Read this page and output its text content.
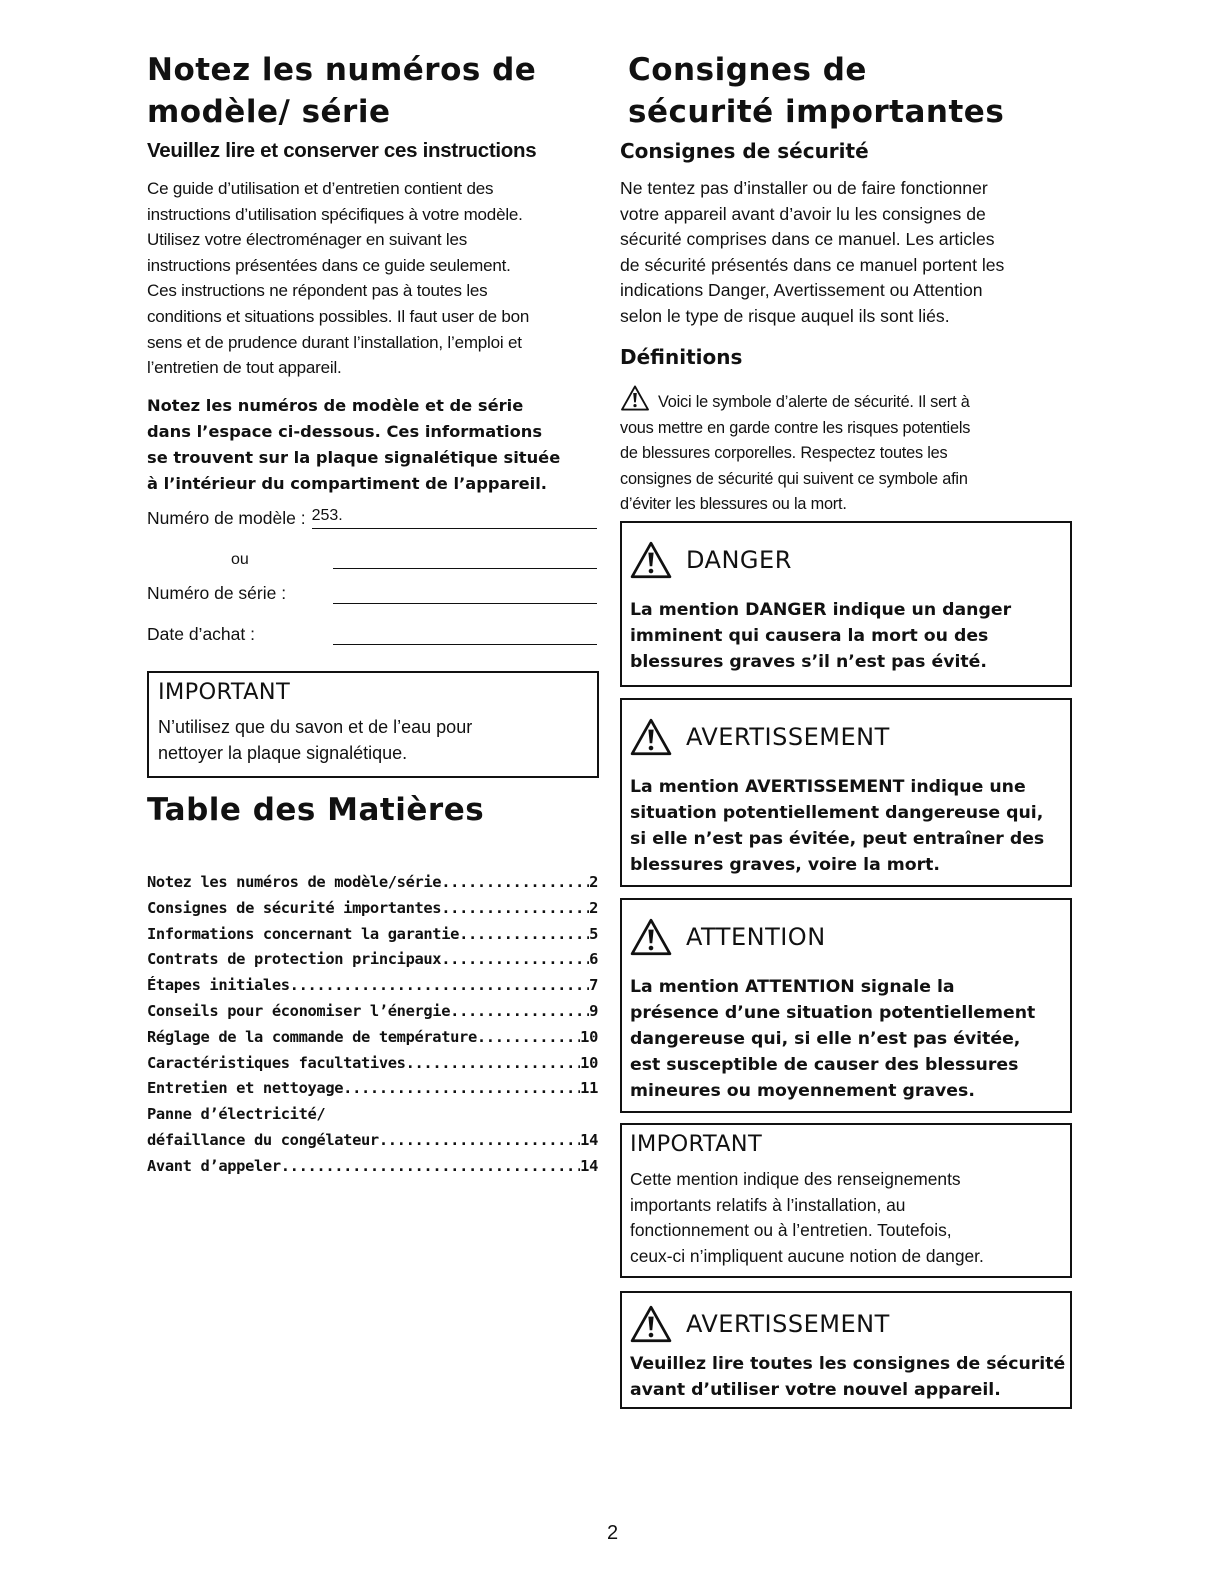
Notez les numéros de
modèle/ série
Veuillez lire et conserver ces instructions

Ce guide d’utilisation et d’entretien contient des

instructions d’utilisation spécifiques à votre modèle.

Utilisez votre électroménager en suivant les

instructions présentées dans ce guide seulement.

Ces instructions ne répondent pas à toutes les

conditions et situations possibles. Il faut user de bon

sens et de prudence durant l’installation, l’emploi et

l’entretien de tout appareil.

Notez les numéros de modèle et de série

dans l’espace ci-dessous. Ces informations

se trouvent sur la plaque signalétique située

à l’intérieur du compartiment de l’appareil.

Numéro de modèle : 253.
ou
Numéro de série :
Date d’achat :
IMPORTANT

N’utilisez que du savon et de l’eau pour

nettoyer la plaque signalétique.

Table des Matières
Notez les numéros de modèle/série .....	2
Consignes de sécurité importantes .....	2
Informations concernant la garantie .....	5
Contrats de protection principaux .....	6
Étapes initiales .....	7
Conseils pour économiser l’énergie .....	9
Réglage de la commande de température .....	10
Caractéristiques facultatives .....	10
Entretien et nettoyage .....	11
Panne d’électricité/
défaillance du congélateur .....	14
Avant d’appeler .....	14
Consignes de
sécurité importantes
Consignes de sécurité

Ne tentez pas d’installer ou de faire fonctionner

votre appareil avant d’avoir lu les consignes de

sécurité comprises dans ce manuel. Les articles

de sécurité présentés dans ce manuel portent les

indications Danger, Avertissement ou Attention

selon le type de risque auquel ils sont liés.

Définitions

Voici le symbole d’alerte de sécurité. Il sert à

vous mettre en garde contre les risques potentiels

de blessures corporelles. Respectez toutes les

consignes de sécurité qui suivent ce symbole afin

d’éviter les blessures ou la mort.

DANGER

La mention DANGER indique un danger

imminent qui causera la mort ou des

blessures graves s’il n’est pas évité.

AVERTISSEMENT

La mention AVERTISSEMENT indique une

situation potentiellement dangereuse qui,

si elle n’est pas évitée, peut entraîner des

blessures graves, voire la mort.

ATTENTION

La mention ATTENTION signale la

présence d’une situation potentiellement

dangereuse qui, si elle n’est pas évitée,

est susceptible de causer des blessures

mineures ou moyennement graves.

IMPORTANT

Cette mention indique des renseignements

importants relatifs à l’installation, au

fonctionnement ou à l’entretien. Toutefois,

ceux-ci n’impliquent aucune notion de danger.

AVERTISSEMENT

Veuillez lire toutes les consignes de sécurité

avant d’utiliser votre nouvel appareil.

2
